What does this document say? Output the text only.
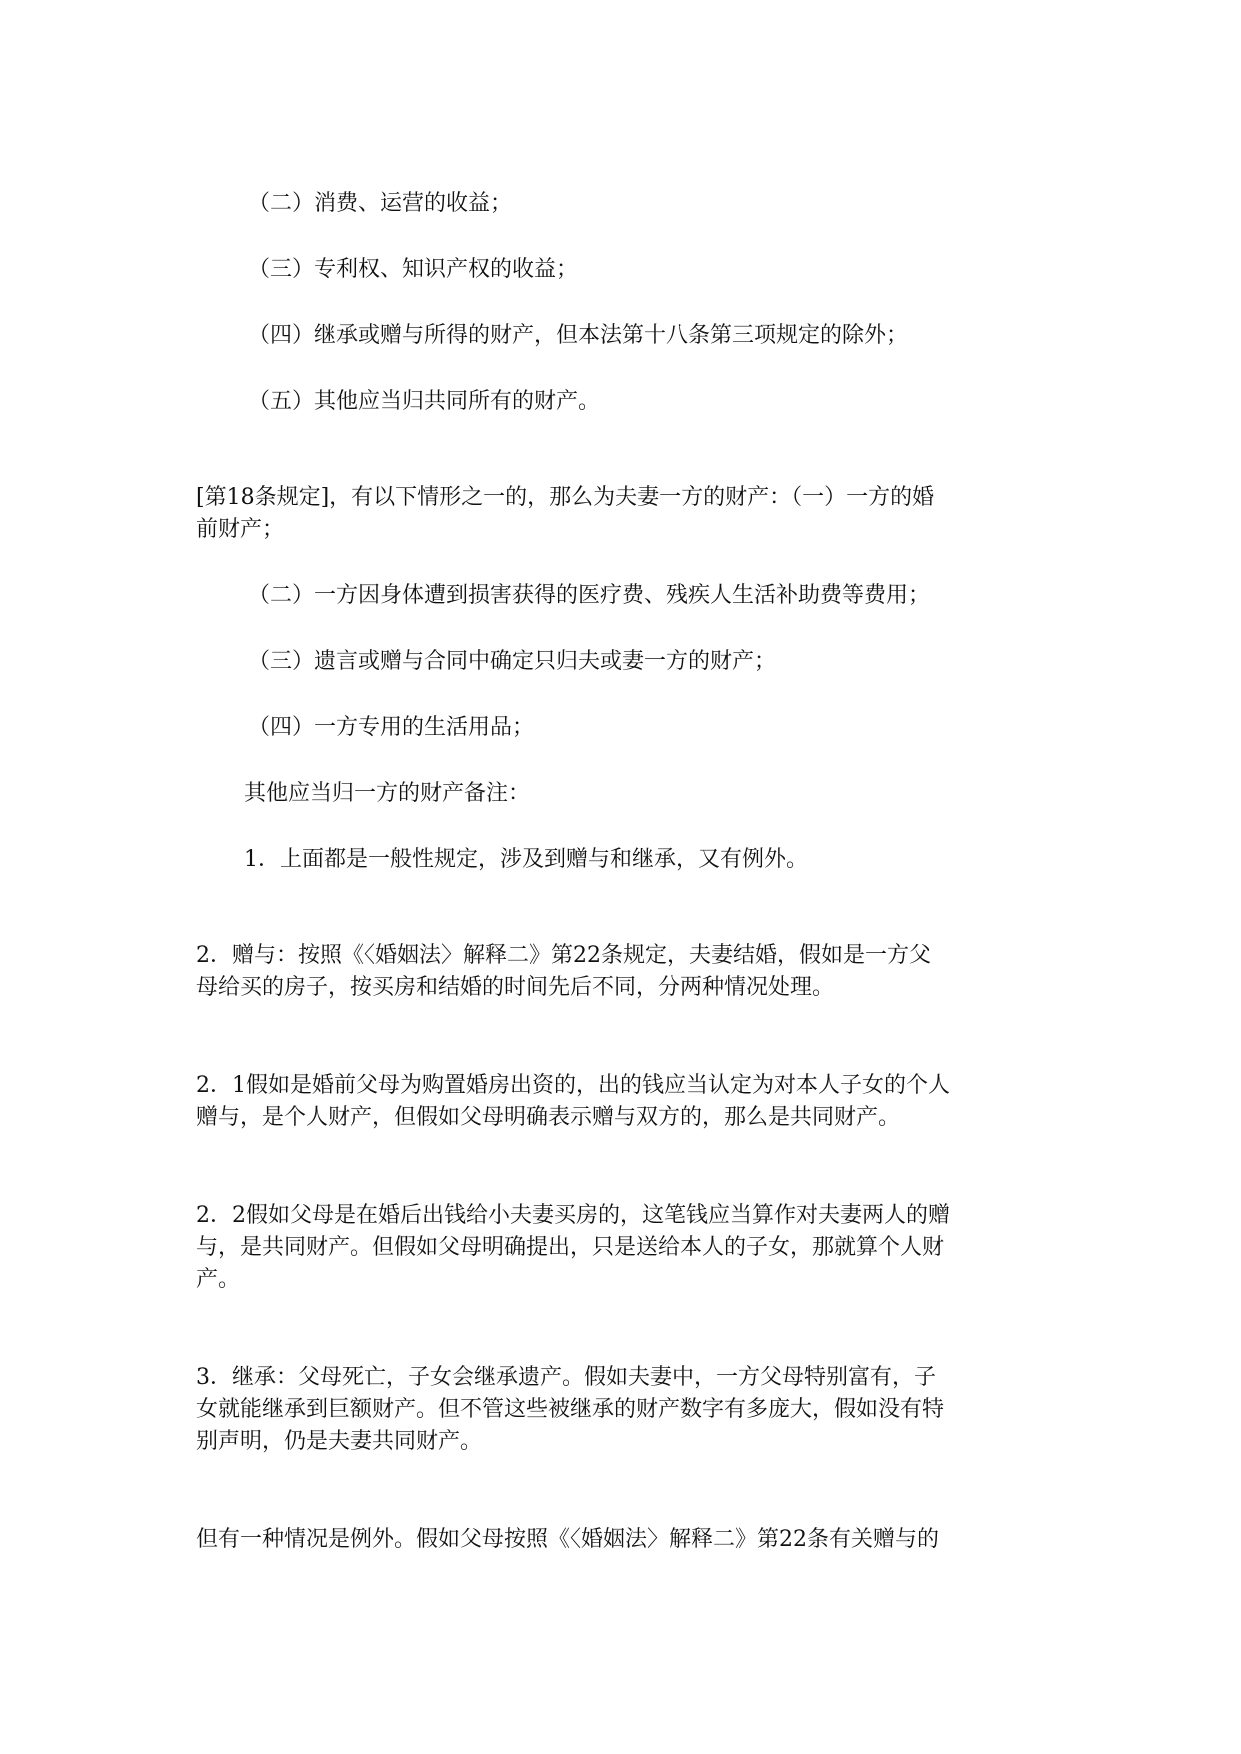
（二）消费、运营的收益；

（三）专利权、知识产权的收益；

（四）继承或赠与所得的财产，但本法第十八条第三项规定的除外；

（五）其他应当归共同所有的财产。

[第18条规定]，有以下情形之一的，那么为夫妻一方的财产：（一）一方的婚

前财产；

（二）一方因身体遭到损害获得的医疗费、残疾人生活补助费等费用；

（三）遗言或赠与合同中确定只归夫或妻一方的财产；

（四）一方专用的生活用品；

其他应当归一方的财产备注：

1．上面都是一般性规定，涉及到赠与和继承，又有例外。

2．赠与：按照《〈婚姻法〉解释二》第22条规定，夫妻结婚，假如是一方父

母给买的房子，按买房和结婚的时间先后不同，分两种情况处理。

2．1假如是婚前父母为购置婚房出资的，出的钱应当认定为对本人子女的个人

赠与，是个人财产，但假如父母明确表示赠与双方的，那么是共同财产。

2．2假如父母是在婚后出钱给小夫妻买房的，这笔钱应当算作对夫妻两人的赠

与，是共同财产。但假如父母明确提出，只是送给本人的子女，那就算个人财

产。

3．继承：父母死亡，子女会继承遗产。假如夫妻中，一方父母特别富有，子

女就能继承到巨额财产。但不管这些被继承的财产数字有多庞大，假如没有特

别声明，仍是夫妻共同财产。

但有一种情况是例外。假如父母按照《〈婚姻法〉解释二》第22条有关赠与的
